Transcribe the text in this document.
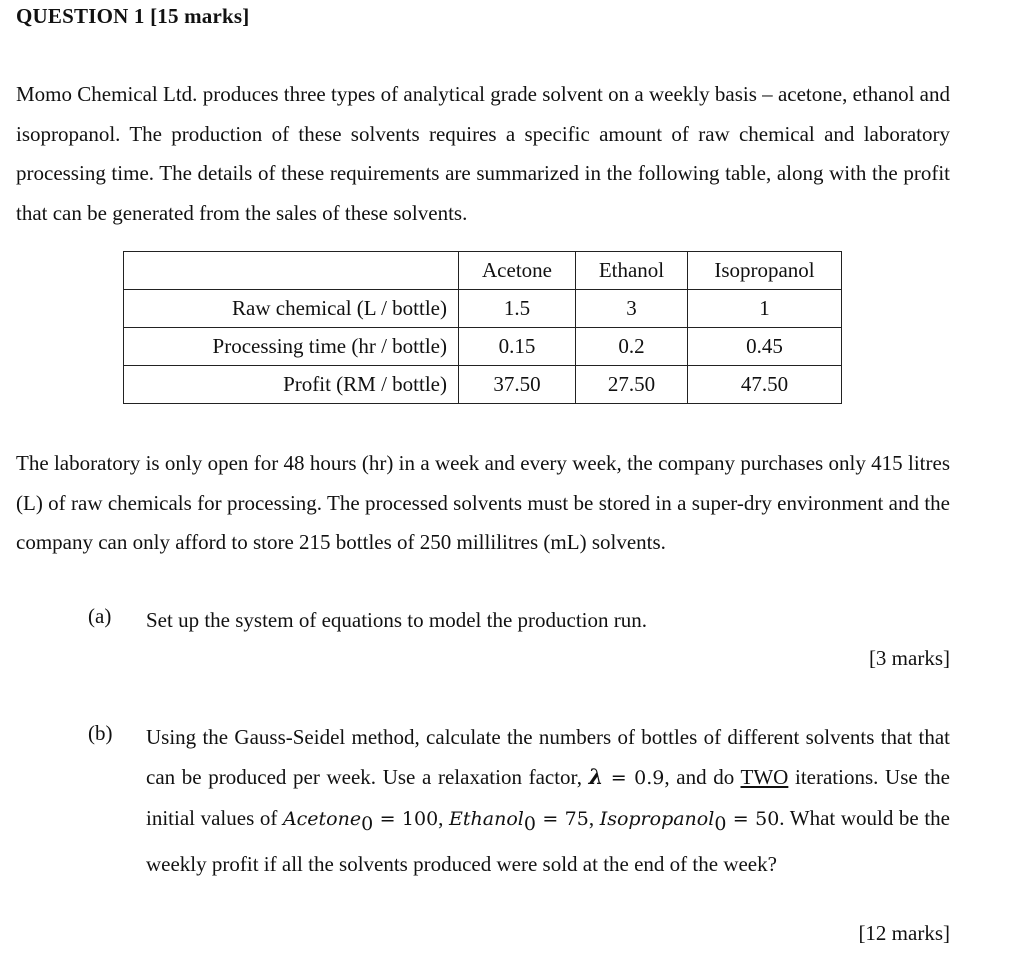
QUESTION 1 [15 marks]

Momo Chemical Ltd. produces three types of analytical grade solvent on a weekly basis – acetone, ethanol and isopropanol. The production of these solvents requires a specific amount of raw chemical and laboratory processing time. The details of these requirements are summarized in the following table, along with the profit that can be generated from the sales of these solvents.

	Acetone	Ethanol	Isopropanol
Raw chemical (L / bottle)	1.5	3	1
Processing time (hr / bottle)	0.15	0.2	0.45
Profit (RM / bottle)	37.50	27.50	47.50

The laboratory is only open for 48 hours (hr) in a week and every week, the company purchases only 415 litres (L) of raw chemicals for processing. The processed solvents must be stored in a super-dry environment and the company can only afford to store 215 bottles of 250 millilitres (mL) solvents.

(a) Set up the system of equations to model the production run.

[3 marks]
(b) Using the Gauss-Seidel method, calculate the numbers of bottles of different solvents that that can be produced per week. Use a relaxation factor, λ = 0.9, and do TWO iterations. Use the initial values of Acetone$_0$ = 100, Ethanol$_0$ = 75, Isopropanol$_0$ = 50. What would be the weekly profit if all the solvents produced were sold at the end of the week?

[12 marks]
